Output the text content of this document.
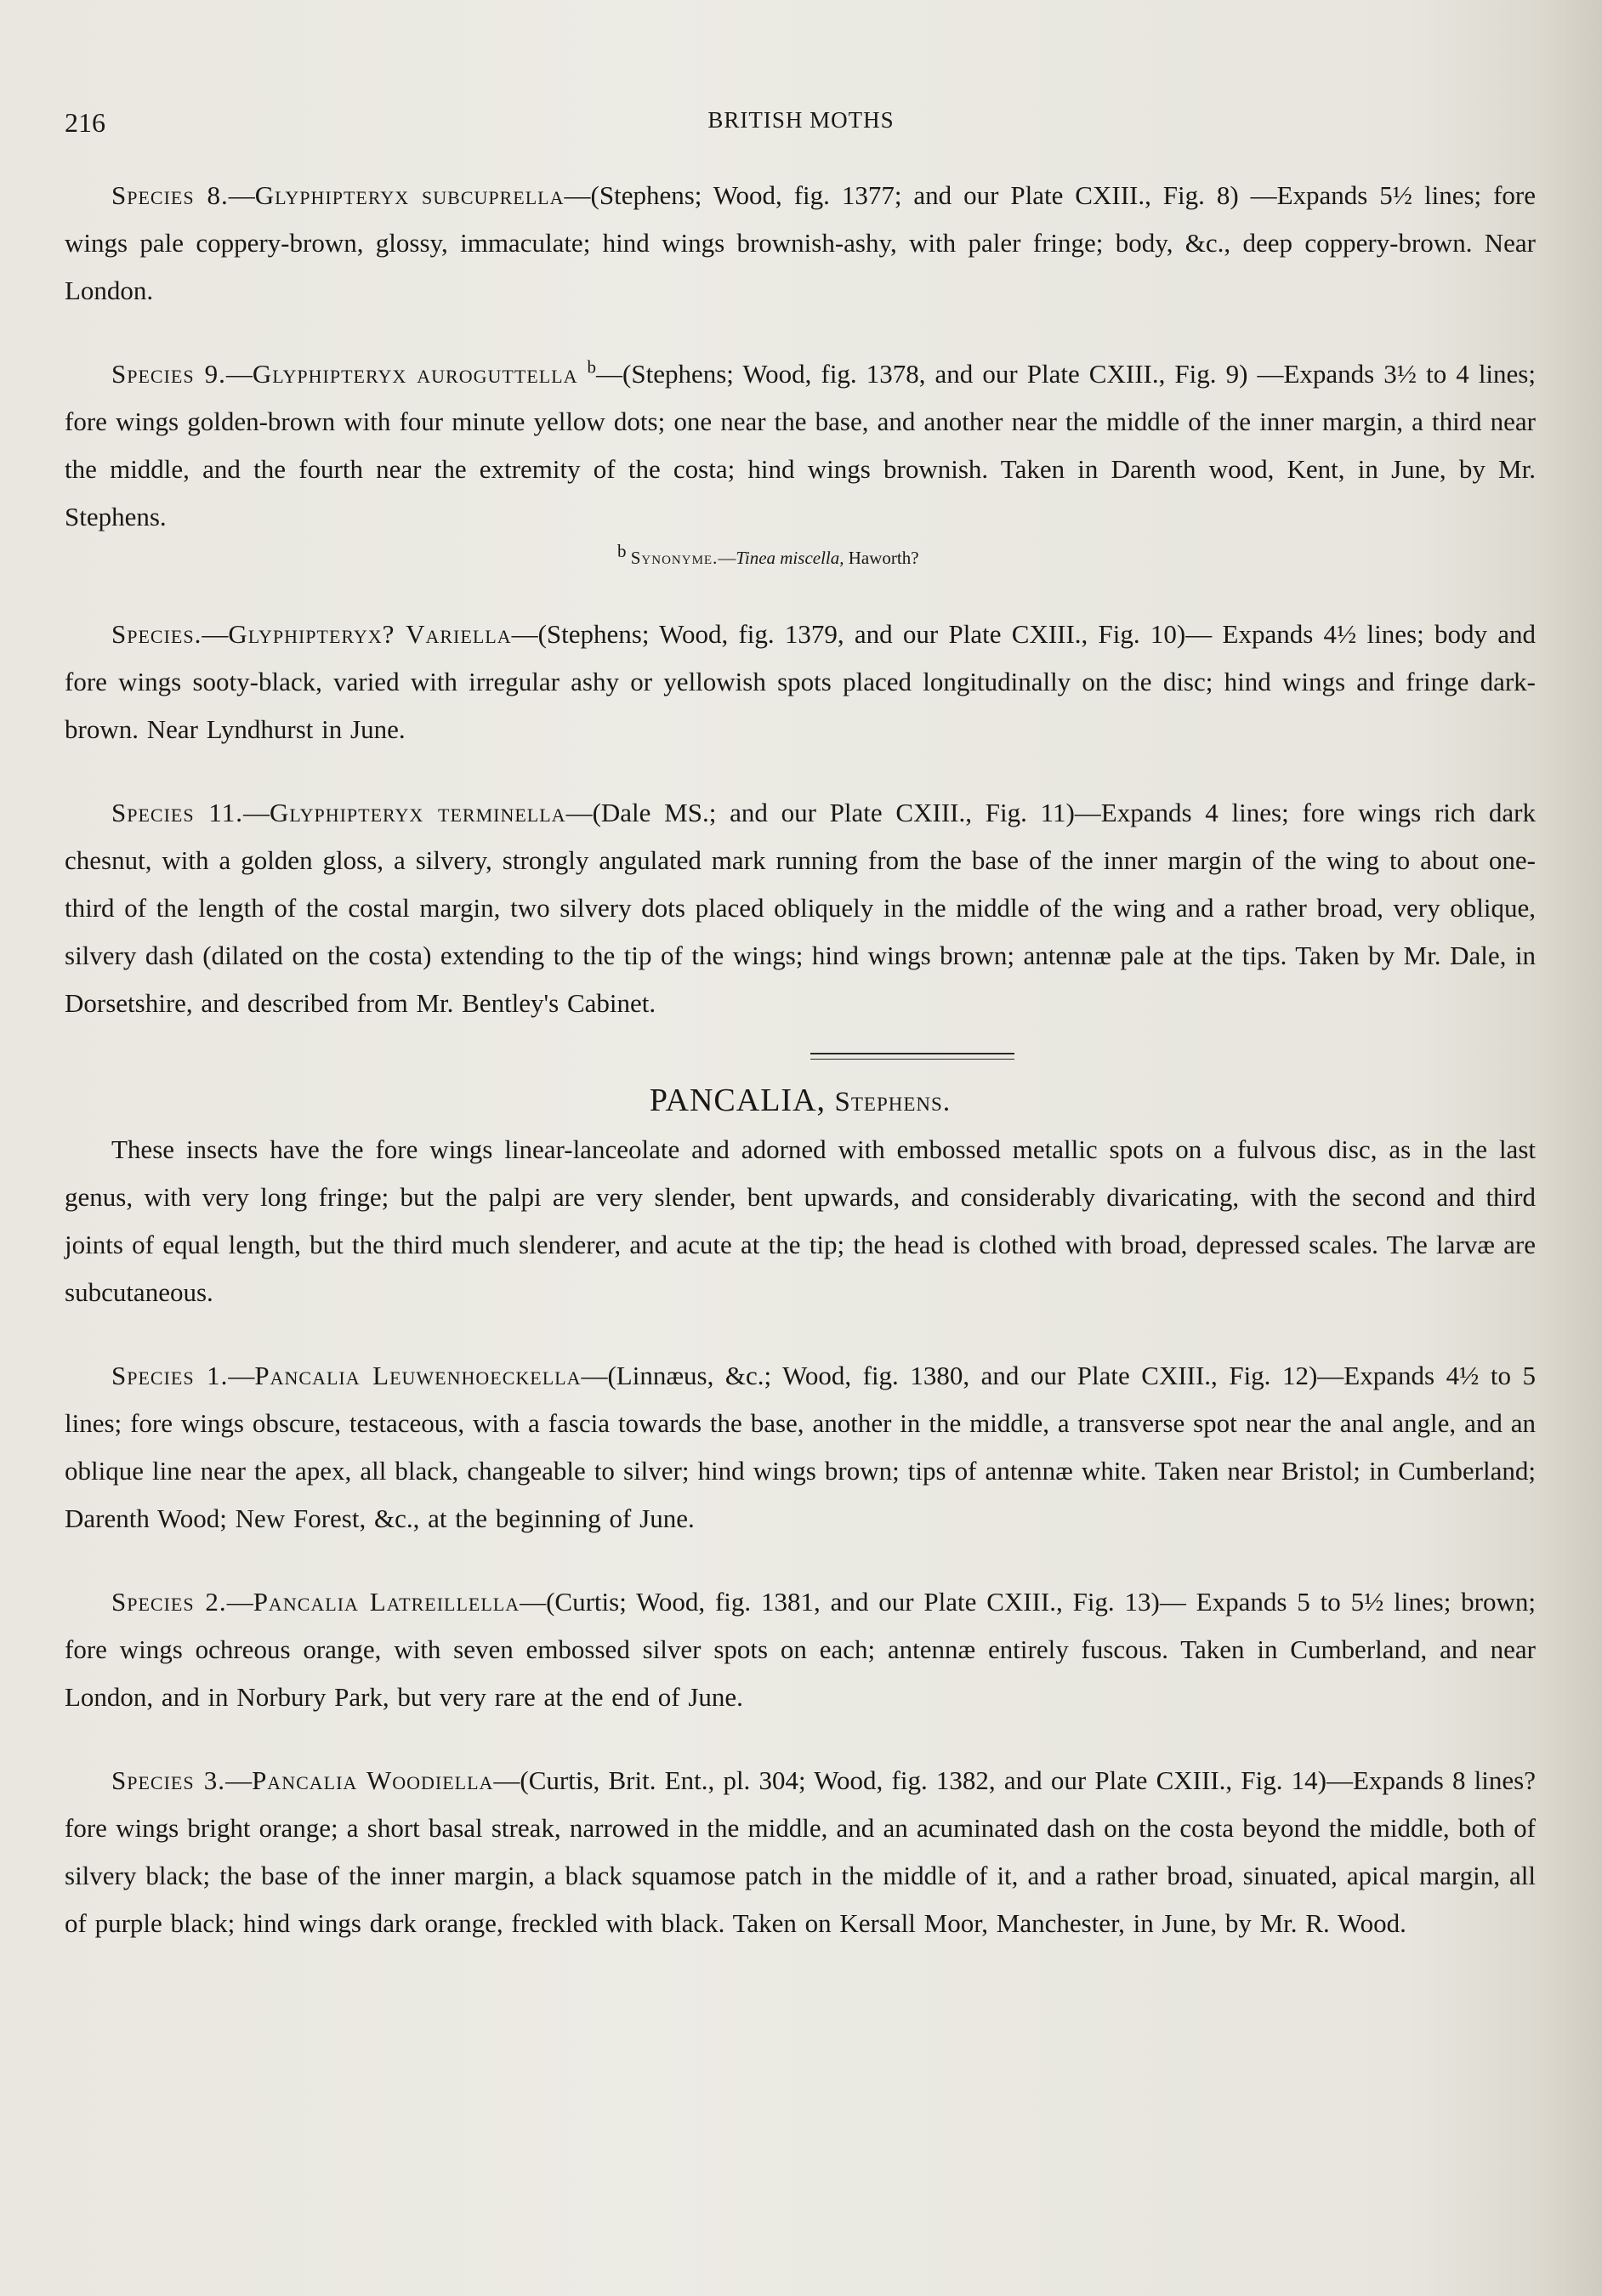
216	BRITISH MOTHS

Species 8.—Glyphipteryx subcuprella—(Stephens; Wood, fig. 1377; and our Plate CXIII., Fig. 8) —Expands 5½ lines; fore wings pale coppery-brown, glossy, immaculate; hind wings brownish-ashy, with paler fringe; body, &c., deep coppery-brown. Near London.

Species 9.—Glyphipteryx auroguttella $^b$—(Stephens; Wood, fig. 1378, and our Plate CXIII., Fig. 9) —Expands 3½ to 4 lines; fore wings golden-brown with four minute yellow dots; one near the base, and another near the middle of the inner margin, a third near the middle, and the fourth near the extremity of the costa; hind wings brownish. Taken in Darenth wood, Kent, in June, by Mr. Stephens.

b Synonyme.—Tinea miscella, Haworth?

Species.—Glyphipteryx? Variella—(Stephens; Wood, fig. 1379, and our Plate CXIII., Fig. 10)— Expands 4½ lines; body and fore wings sooty-black, varied with irregular ashy or yellowish spots placed longitudinally on the disc; hind wings and fringe dark-brown. Near Lyndhurst in June.

Species 11.—Glyphipteryx terminella—(Dale MS.; and our Plate CXIII., Fig. 11)—Expands 4 lines; fore wings rich dark chesnut, with a golden gloss, a silvery, strongly angulated mark running from the base of the inner margin of the wing to about one-third of the length of the costal margin, two silvery dots placed obliquely in the middle of the wing and a rather broad, very oblique, silvery dash (dilated on the costa) extending to the tip of the wings; hind wings brown; antennæ pale at the tips. Taken by Mr. Dale, in Dorsetshire, and described from Mr. Bentley's Cabinet.

PANCALIA, Stephens.

These insects have the fore wings linear-lanceolate and adorned with embossed metallic spots on a fulvous disc, as in the last genus, with very long fringe; but the palpi are very slender, bent upwards, and considerably divaricating, with the second and third joints of equal length, but the third much slenderer, and acute at the tip; the head is clothed with broad, depressed scales. The larvæ are subcutaneous.

Species 1.—Pancalia Leuwenhoeckella—(Linnæus, &c.; Wood, fig. 1380, and our Plate CXIII., Fig. 12)—Expands 4½ to 5 lines; fore wings obscure, testaceous, with a fascia towards the base, another in the middle, a transverse spot near the anal angle, and an oblique line near the apex, all black, changeable to silver; hind wings brown; tips of antennæ white. Taken near Bristol; in Cumberland; Darenth Wood; New Forest, &c., at the beginning of June.

Species 2.—Pancalia Latreillella—(Curtis; Wood, fig. 1381, and our Plate CXIII., Fig. 13)— Expands 5 to 5½ lines; brown; fore wings ochreous orange, with seven embossed silver spots on each; antennæ entirely fuscous. Taken in Cumberland, and near London, and in Norbury Park, but very rare at the end of June.

Species 3.—Pancalia Woodiella—(Curtis, Brit. Ent., pl. 304; Wood, fig. 1382, and our Plate CXIII., Fig. 14)—Expands 8 lines? fore wings bright orange; a short basal streak, narrowed in the middle, and an acuminated dash on the costa beyond the middle, both of silvery black; the base of the inner margin, a black squamose patch in the middle of it, and a rather broad, sinuated, apical margin, all of purple black; hind wings dark orange, freckled with black. Taken on Kersall Moor, Manchester, in June, by Mr. R. Wood.
